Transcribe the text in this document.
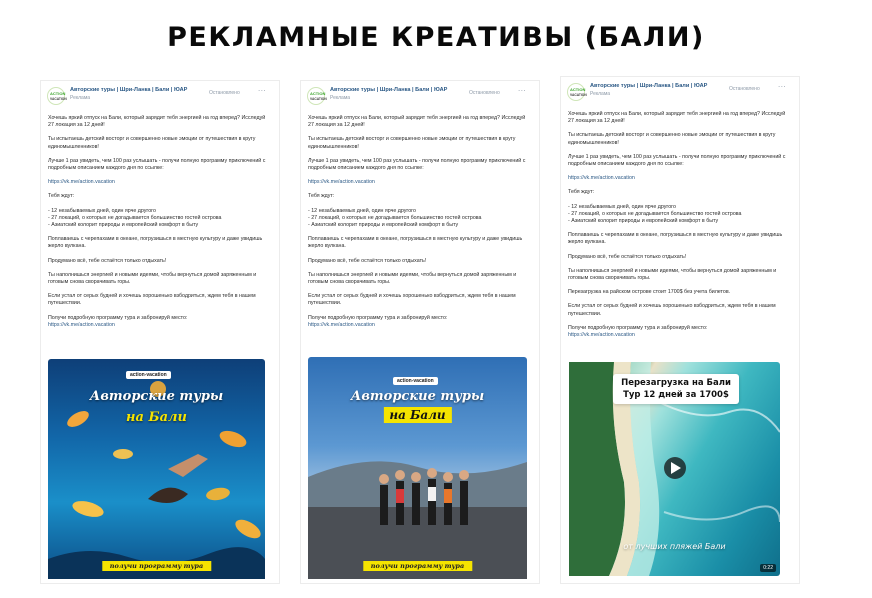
РЕКЛАМНЫЕ КРЕАТИВЫ (БАЛИ)
ACTION
VACATION
Авторские туры | Шри-Ланка | Бали | ЮАР
Реклама
Остановлено	···

Хочешь яркий отпуск на Бали, который зарядит тебя энергией на год вперед? Исследуй 27 локация за 12 дней!

Ты испытаешь детский восторг и совершенно новые эмоции от путешествия в кругу единомышленников!

Лучше 1 раз увидеть, чем 100 раз услышать - получи полную программу приключений с подробным описанием каждого дня по ссылке:

https://vk.me/action.vacation

Тебя ждут:

- 12 незабываемых дней, один ярче другого

- 27 локаций, о которых не догадывается большинство гостей острова

- Азиатский колорит природы и европейский комфорт в быту

Поплаваешь с черепахами в океане, погрузишься в местную культуру и даже увидишь жерло вулкана.

Продумано всё, тебе остаётся только отдыхать!

Ты наполнишься энергией и новыми идеями, чтобы вернуться домой заряженным и готовым снова сворачивать горы.

Если устал от серых будней и хочешь хорошенько взбодриться, ждем тебя в нашем путешествии.

Получи подробную программу тура и забронируй место:

https://vk.me/action.vacation

action-vacation
Авторские туры
на Бали
получи программу тура
ACTION
VACATION
Авторские туры | Шри-Ланка | Бали | ЮАР
Реклама
Остановлено	···

Хочешь яркий отпуск на Бали, который зарядит тебя энергией на год вперед? Исследуй 27 локация за 12 дней!

Ты испытаешь детский восторг и совершенно новые эмоции от путешествия в кругу единомышленников!

Лучше 1 раз увидеть, чем 100 раз услышать - получи полную программу приключений с подробным описанием каждого дня по ссылке:

https://vk.me/action.vacation

Тебя ждут:

- 12 незабываемых дней, один ярче другого

- 27 локаций, о которых не догадывается большинство гостей острова

- Азиатский колорит природы и европейский комфорт в быту

Поплаваешь с черепахами в океане, погрузишься в местную культуру и даже увидишь жерло вулкана.

Продумано всё, тебе остаётся только отдыхать!

Ты наполнишься энергией и новыми идеями, чтобы вернуться домой заряженным и готовым снова сворачивать горы.

Если устал от серых будней и хочешь хорошенько взбодриться, ждем тебя в нашем путешествии.

Получи подробную программу тура и забронируй место:

https://vk.me/action.vacation

action-vacation
Авторские туры
на Бали
получи программу тура
ACTION
VACATION
Авторские туры | Шри-Ланка | Бали | ЮАР
Реклама
Остановлено	···

Хочешь яркий отпуск на Бали, который зарядит тебя энергией на год вперед? Исследуй 27 локация за 12 дней!

Ты испытаешь детский восторг и совершенно новые эмоции от путешествия в кругу единомышленников!

Лучше 1 раз увидеть, чем 100 раз услышать - получи полную программу приключений с подробным описанием каждого дня по ссылке:

https://vk.me/action.vacation

Тебя ждут:

- 12 незабываемых дней, один ярче другого

- 27 локаций, о которых не догадывается большинство гостей острова

- Азиатский колорит природы и европейский комфорт в быту

Поплаваешь с черепахами в океане, погрузишься в местную культуру и даже увидишь жерло вулкана.

Продумано всё, тебе остаётся только отдыхать!

Ты наполнишься энергией и новыми идеями, чтобы вернуться домой заряженным и готовым снова сворачивать горы.

Перезагрузка на райском острове стоит 1700$ без учета билетов.

Если устал от серых будней и хочешь хорошенько взбодриться, ждем тебя в нашем путешествии.

Получи подробную программу тура и забронируй место:

https://vk.me/action.vacation

Перезагрузка на Бали
Тур 12 дней за 1700$
от лучших пляжей Бали
0:22
